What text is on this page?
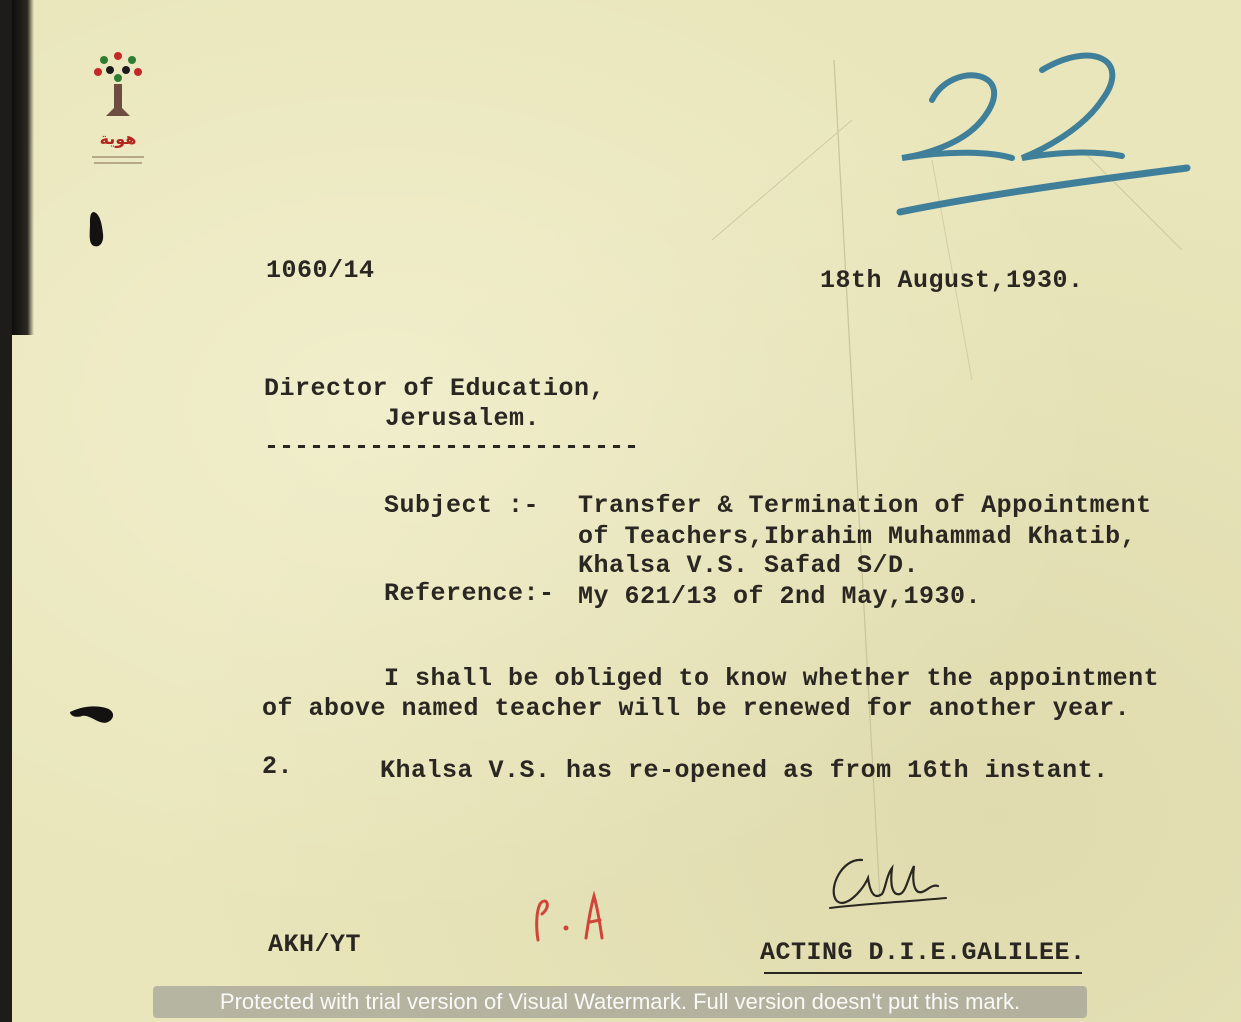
هوية
22
1060/14	18th August,1930.
Director of Education,
Jerusalem.
-------------------------
Subject :- Transfer & Termination of Appointment
of Teachers,Ibrahim Muhammad Khatib,
Khalsa V.S. Safad S/D.
Reference:- My 621/13 of 2nd May,1930.
I shall be obliged to know whether the appointment
of above named teacher will be renewed for another year.
2.	Khalsa V.S. has re-opened as from 16th instant.
AKH/YT	ACTING D.I.E.GALILEE.
Protected with trial version of Visual Watermark. Full version doesn't put this mark.
